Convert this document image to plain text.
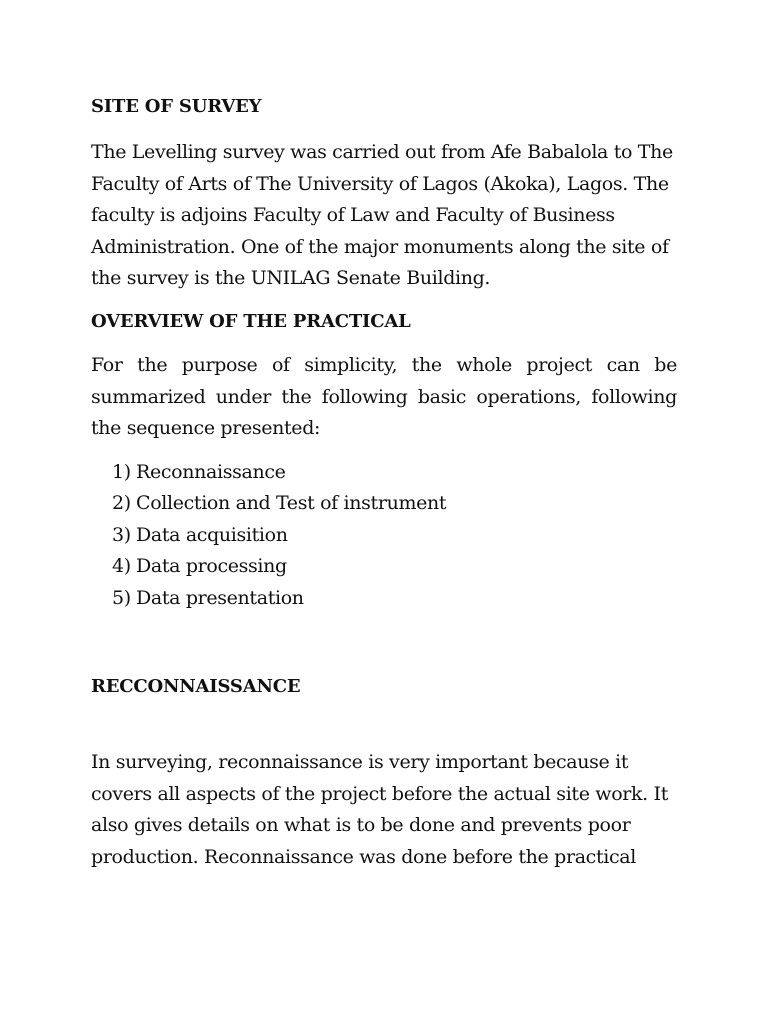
SITE OF SURVEY
The Levelling survey was carried out from Afe Babalola to The Faculty of Arts of The University of Lagos (Akoka), Lagos. The faculty is adjoins Faculty of Law and Faculty of Business Administration. One of the major monuments along the site of the survey is the UNILAG Senate Building.
OVERVIEW OF THE PRACTICAL
For the purpose of simplicity, the whole project can be summarized under the following basic operations, following the sequence presented:
1) Reconnaissance
2) Collection and Test of instrument
3) Data acquisition
4) Data processing
5) Data presentation
RECCONNAISSANCE
In surveying, reconnaissance is very important because it covers all aspects of the project before the actual site work. It also gives details on what is to be done and prevents poor production. Reconnaissance was done before the practical
